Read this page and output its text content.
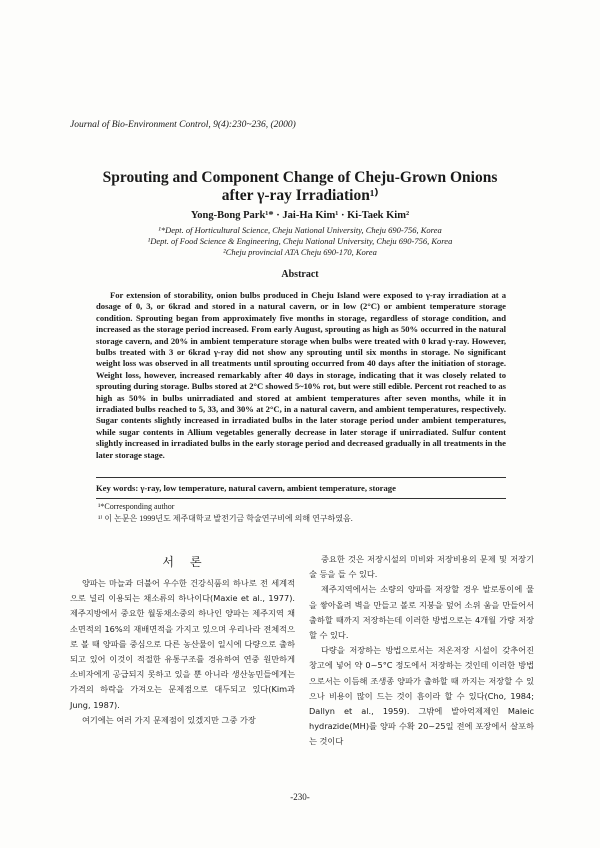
Journal of Bio-Environment Control, 9(4):230~236, (2000)
Sprouting and Component Change of Cheju-Grown Onions
after γ-ray Irradiation¹⁾
Yong-Bong Park¹* · Jai-Ha Kim¹ · Ki-Taek Kim²
¹*Dept. of Horticultural Science, Cheju National University, Cheju 690-756, Korea
¹Dept. of Food Science & Engineering, Cheju National University, Cheju 690-756, Korea
²Cheju provincial ATA Cheju 690-170, Korea
Abstract

For extension of storability, onion bulbs produced in Cheju Island were exposed to γ-ray irradiation at a dosage of 0, 3, or 6krad and stored in a natural cavern, or in low (2°C) or ambient temperature storage condition. Sprouting began from approximately five months in storage, regardless of storage condition, and increased as the storage period increased. From early August, sprouting as high as 50% occurred in the natural storage cavern, and 20% in ambient temperature storage when bulbs were treated with 0 krad γ-ray. However, bulbs treated with 3 or 6krad γ-ray did not show any sprouting until six months in storage. No significant weight loss was observed in all treatments until sprouting occurred from 40 days after the initiation of storage. Weight loss, however, increased remarkably after 40 days in storage, indicating that it was closely related to sprouting during storage. Bulbs stored at 2°C showed 5~10% rot, but were still edible. Percent rot reached to as high as 50% in bulbs unirradiated and stored at ambient temperatures after seven months, while it in irradiated bulbs reached to 5, 33, and 30% at 2°C, in a natural cavern, and ambient temperatures, respectively. Sugar contents slightly increased in irradiated bulbs in the later storage period under ambient temperatures, while sugar contents in Allium vegetables generally decrease in later storage if unirradiated. Sulfur content slightly increased in irradiated bulbs in the early storage period and decreased gradually in all treatments in the later storage stage.

Key words: γ-ray, low temperature, natural cavern, ambient temperature, storage
¹*Corresponding author
¹⁾ 이 논문은 1999년도 제주대학교 발전기금 학술연구비에 의해 연구하였음.
서론

양파는 마늘과 더불어 우수한 건강식품의 하나로 전 세계적으로 널리 이용되는 채소류의 하나이다(Maxie et al., 1977). 제주지방에서 중요한 월동채소중의 하나인 양파는 제주지역 채소면적의 16%의 재배면적을 가지고 있으며 우리나라 전체적으로 볼 때 양파를 중심으로 다른 농산물이 일시에 다량으로 출하되고 있어 이것이 적절한 유통구조를 경유하여 연중 원만하게 소비자에게 공급되지 못하고 있을 뿐 아니라 생산농민들에게는 가격의 하락을 가져오는 문제점으로 대두되고 있다(Kim과 Jung, 1987).

여기에는 여러 가지 문제점이 있겠지만 그중 가장

중요한 것은 저장시설의 미비와 저장비용의 문제 및 저장기술 등을 들 수 있다.

제주지역에서는 소량의 양파를 저장할 경우 발로통이에 물을 쌓아올려 벽을 만들고 볼로 지붕을 덮어 소위 움을 만들어서 출하할 때까지 저장하는데 이러한 방법으로는 4개월 가량 저장할 수 있다.

다량을 저장하는 방법으로서는 저온저장 시설이 갖추어진 창고에 넣어 약 0~5°C 정도에서 저장하는 것인데 이러한 방법으로서는 이듬해 조생종 양파가 출하할 때 까지는 저장할 수 있으나 비용이 많이 드는 것이 흠이라 할 수 있다(Cho, 1984; Dallyn et al., 1959). 그밖에 발아억제제인 Maleic hydrazide(MH)를 양파 수확 20~25일 전에 포장에서 살포하는 것이다

-230-
